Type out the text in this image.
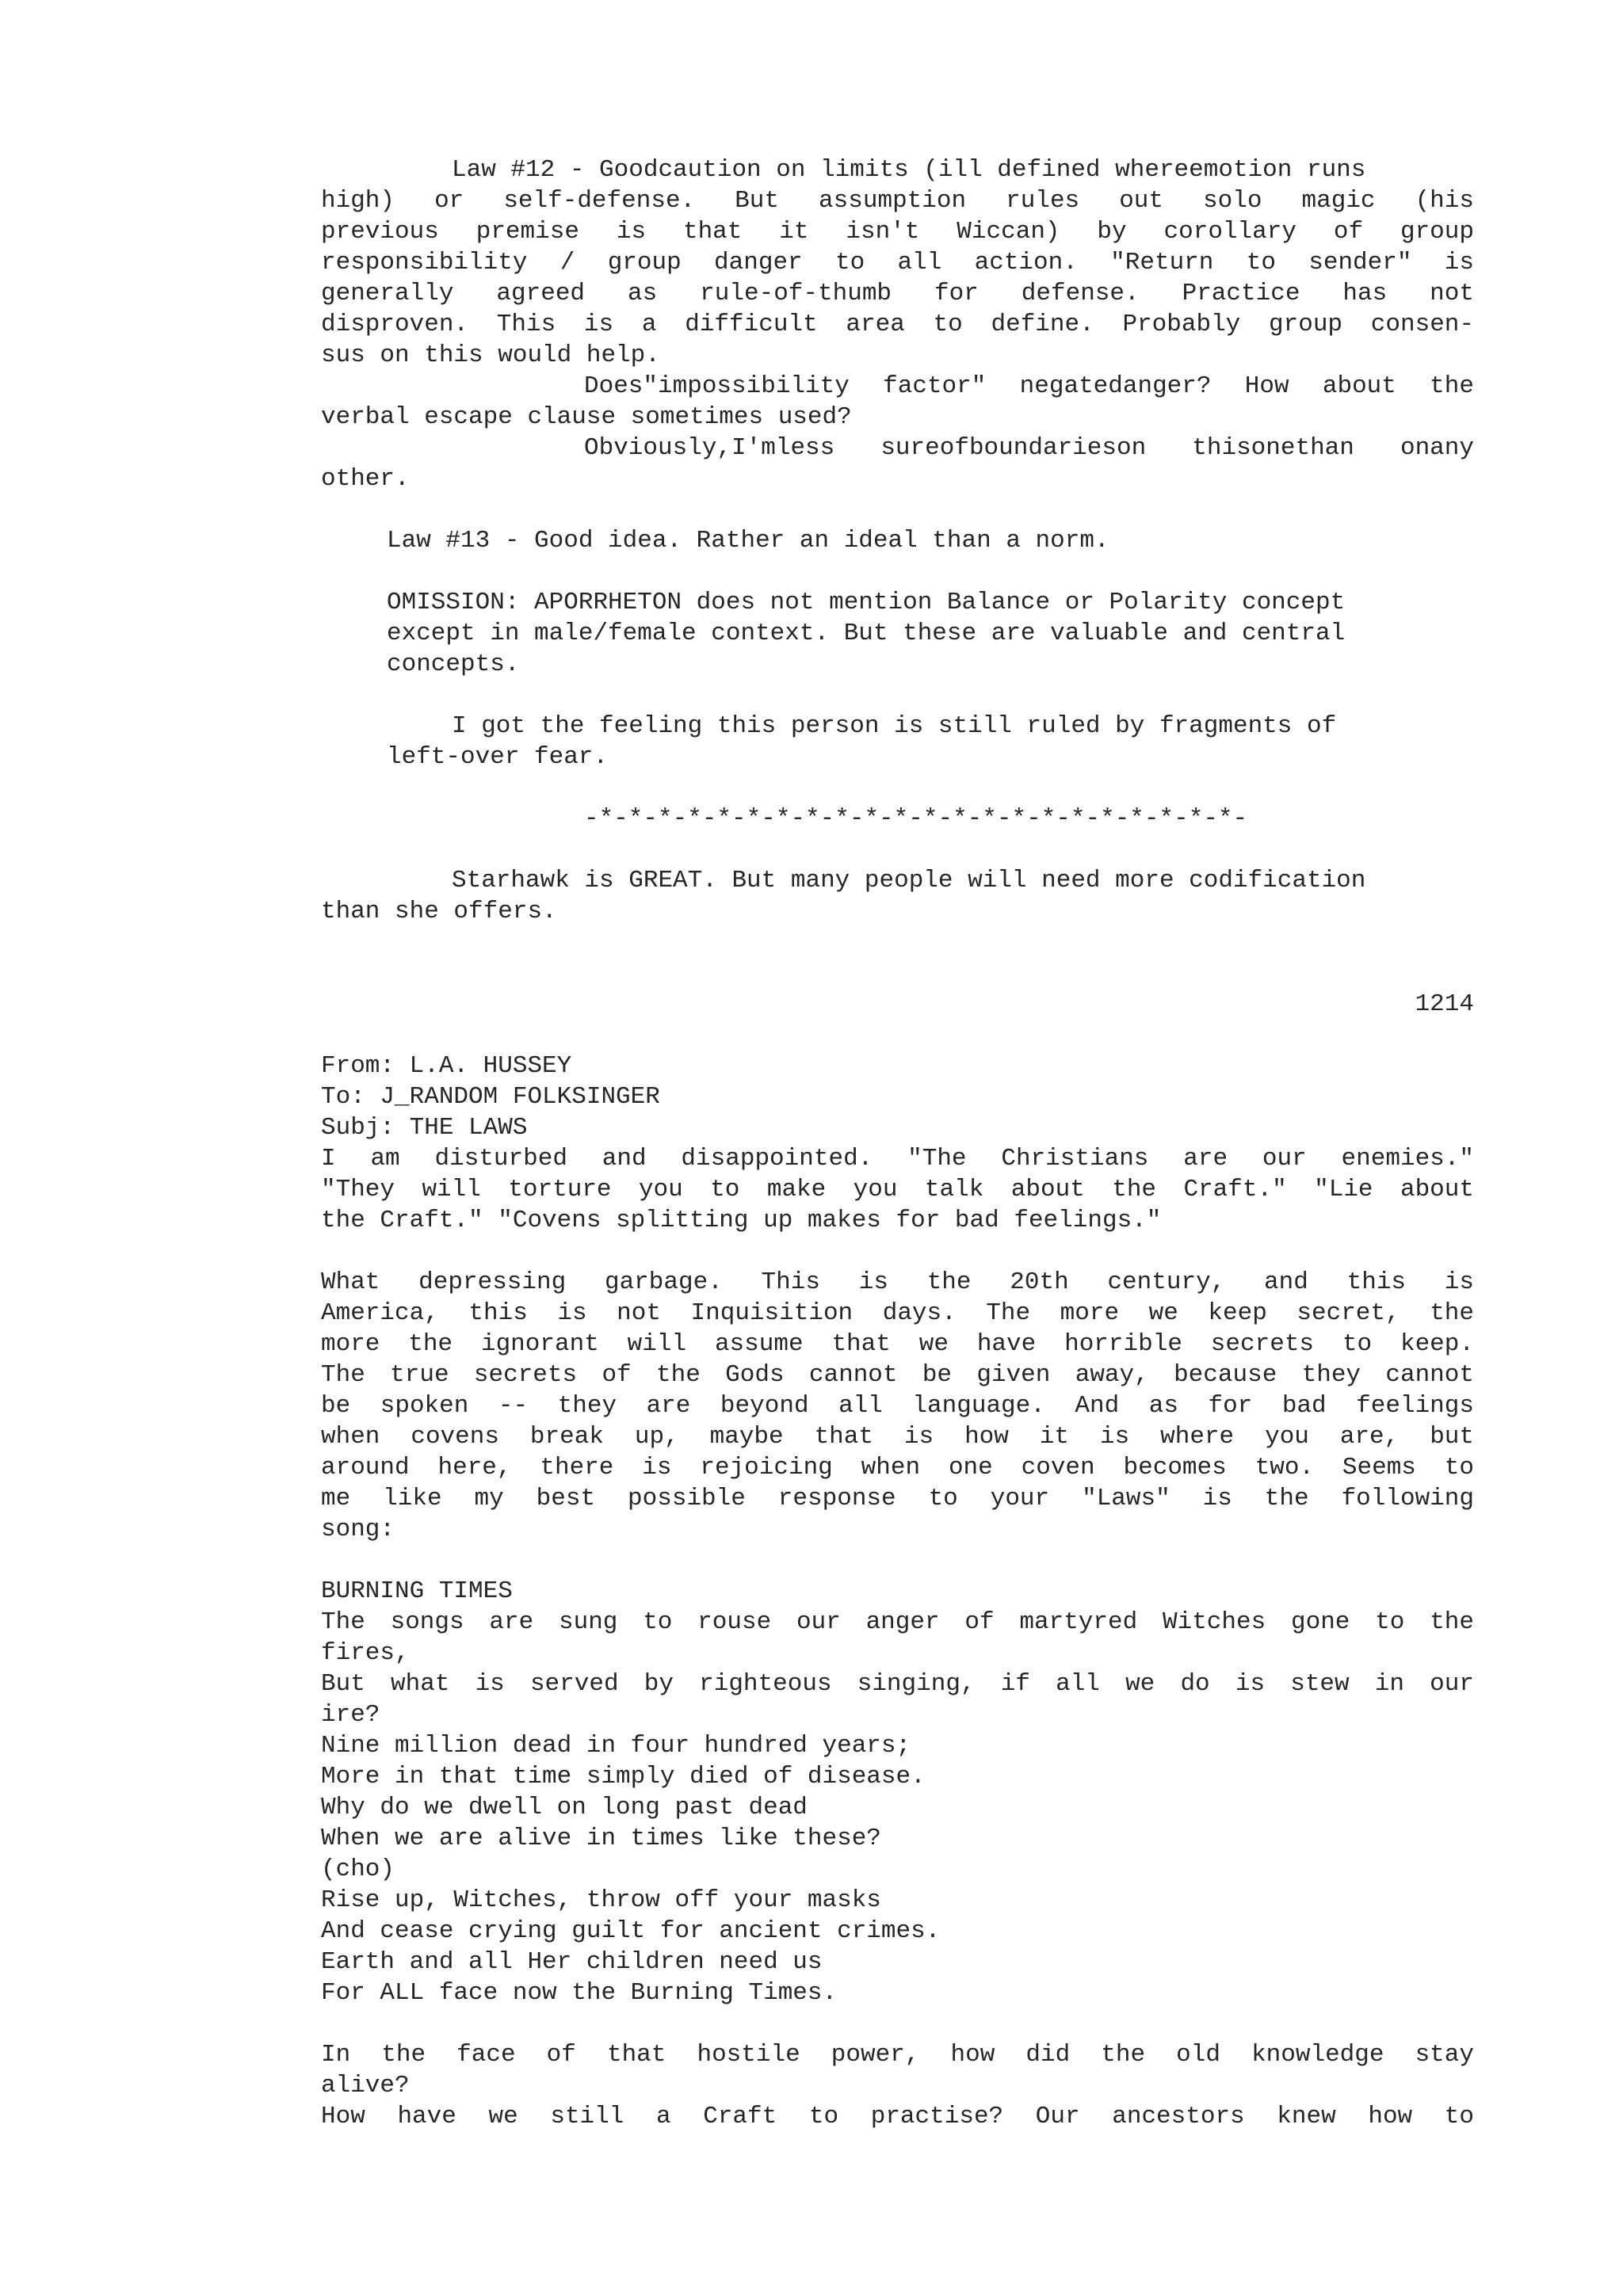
Law #12 - Goodcaution on limits (ill defined whereemotion runs
high) or self-defense. But assumption rules out solo magic (his
previous premise is that it isn't Wiccan) by corollary of group
responsibility / group danger to all action. "Return to sender" is
generally agreed as rule-of-thumb for defense. Practice has not
disproven. This is a difficult area to define. Probably group consen-
sus on this would help.
Does"impossibility factor" negatedanger? How about the
verbal escape clause sometimes used?
Obviously,I'mless sureofboundarieson thisonethan onany
other.
Law #13 - Good idea. Rather an ideal than a norm.
OMISSION: APORRHETON does not mention Balance or Polarity concept
except in male/female context. But these are valuable and central
concepts.
I got the feeling this person is still ruled by fragments of
left-over fear.
-*-*-*-*-*-*-*-*-*-*-*-*-*-*-*-*-*-*-*-*-*-*-
Starhawk is GREAT. But many people will need more codification
than she offers.
1214
From: L.A. HUSSEY
To: J_RANDOM FOLKSINGER
Subj: THE LAWS
I am disturbed and disappointed. "The Christians are our enemies."
"They will torture you to make you talk about the Craft." "Lie about
the Craft." "Covens splitting up makes for bad feelings."
What depressing garbage. This is the 20th century, and this is
America, this is not Inquisition days. The more we keep secret, the
more the ignorant will assume that we have horrible secrets to keep.
The true secrets of the Gods cannot be given away, because they cannot
be spoken -- they are beyond all language. And as for bad feelings
when covens break up, maybe that is how it is where you are, but
around here, there is rejoicing when one coven becomes two. Seems to
me like my best possible response to your "Laws" is the following
song:
BURNING TIMES
The songs are sung to rouse our anger of martyred Witches gone to the
fires,
But what is served by righteous singing, if all we do is stew in our
ire?
Nine million dead in four hundred years;
More in that time simply died of disease.
Why do we dwell on long past dead
When we are alive in times like these?
(cho)
Rise up, Witches, throw off your masks
And cease crying guilt for ancient crimes.
Earth and all Her children need us
For ALL face now the Burning Times.
In the face of that hostile power, how did the old knowledge stay
alive?
How have we still a Craft to practise? Our ancestors knew how to
